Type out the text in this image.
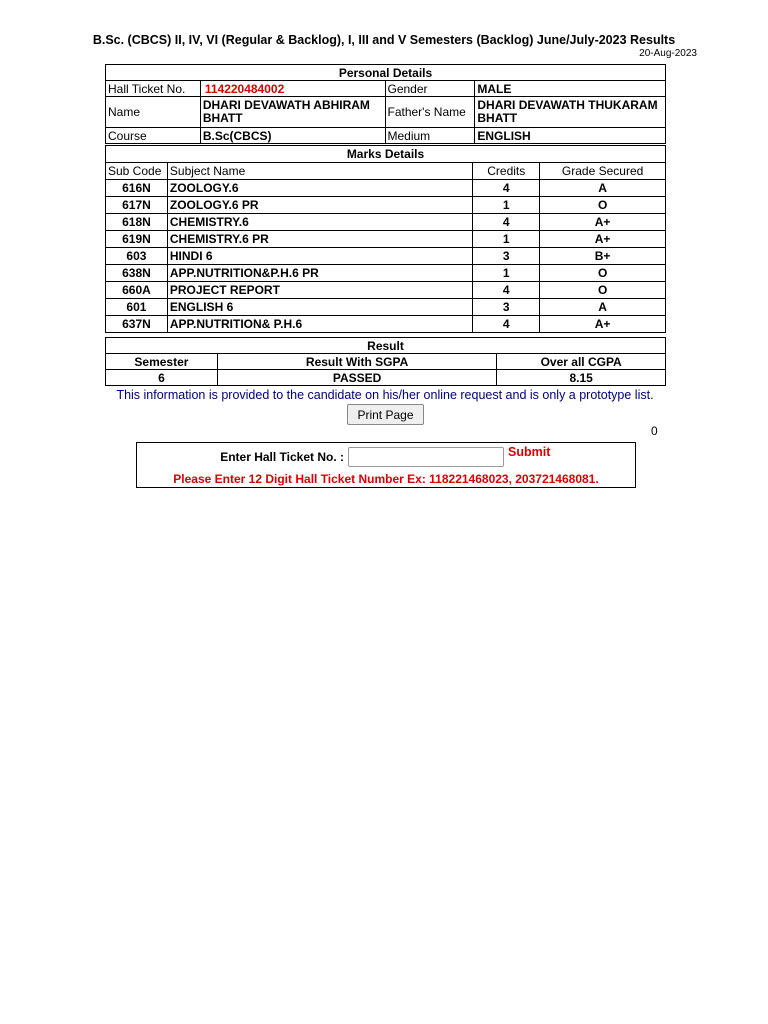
B.Sc. (CBCS) II, IV, VI (Regular & Backlog), I, III and V Semesters (Backlog) June/July-2023 Results
20-Aug-2023
Personal Details			
Hall Ticket No.	114220484002	Gender	MALE
Name	DHARI DEVAWATH ABHIRAM BHATT	Father's Name	DHARI DEVAWATH THUKARAM BHATT
Course	B.Sc(CBCS)	Medium	ENGLISH
Marks Details			
Sub Code	Subject Name	Credits	Grade Secured
616N	ZOOLOGY.6	4	A
617N	ZOOLOGY.6 PR	1	O
618N	CHEMISTRY.6	4	A+
619N	CHEMISTRY.6 PR	1	A+
603	HINDI 6	3	B+
638N	APP.NUTRITION&P.H.6 PR	1	O
660A	PROJECT REPORT	4	O
601	ENGLISH 6	3	A
637N	APP.NUTRITION& P.H.6	4	A+
Result		
Semester	Result With SGPA	Over all CGPA
6	PASSED	8.15
This information is provided to the candidate on his/her online request and is only a prototype list.
Print Page
0
Enter Hall Ticket No. :		Submit
Please Enter 12 Digit Hall Ticket Number Ex: 118221468023, 203721468081.
